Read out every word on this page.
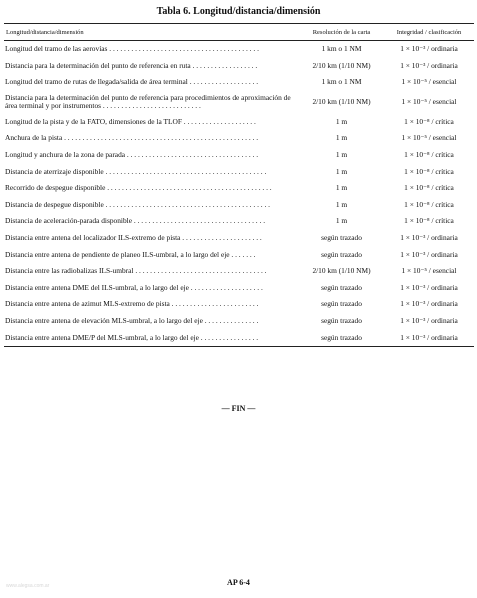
Tabla 6. Longitud/distancia/dimensión
Longitud/distancia/dimensión	Resolución de la carta	Integridad / clasificación
Longitud del tramo de las aerovías . . . . . . . . . . . . . . . . . . . . . . . . . . . . . . . . . . . . . . . . .	1 km o 1 NM	1 × 10⁻³ / ordinaria
Distancia para la determinación del punto de referencia en ruta . . . . . . . . . . . . . . . . . .	2/10 km (1/10 NM)	1 × 10⁻³ / ordinaria
Longitud del tramo de rutas de llegada/salida de área terminal . . . . . . . . . . . . . . . . . . .	1 km o 1 NM	1 × 10⁻⁵ / esencial
Distancia para la determinación del punto de referencia para procedimientos de aproximación de área terminal y por instrumentos . . . . . . . . . . . . . . . . . . . . . . . . . . .	2/10 km (1/10 NM)	1 × 10⁻⁵ / esencial
Longitud de la pista y de la FATO, dimensiones de la TLOF . . . . . . . . . . . . . . . . . . . .	1 m	1 × 10⁻⁸ / crítica
Anchura de la pista . . . . . . . . . . . . . . . . . . . . . . . . . . . . . . . . . . . . . . . . . . . . . . . . . . . . .	1 m	1 × 10⁻⁵ / esencial
Longitud y anchura de la zona de parada . . . . . . . . . . . . . . . . . . . . . . . . . . . . . . . . . . . .	1 m	1 × 10⁻⁸ / crítica
Distancia de aterrizaje disponible . . . . . . . . . . . . . . . . . . . . . . . . . . . . . . . . . . . . . . . . . . . .	1 m	1 × 10⁻⁸ / crítica
Recorrido de despegue disponible . . . . . . . . . . . . . . . . . . . . . . . . . . . . . . . . . . . . . . . . . . . . .	1 m	1 × 10⁻⁸ / crítica
Distancia de despegue disponible . . . . . . . . . . . . . . . . . . . . . . . . . . . . . . . . . . . . . . . . . . . . .	1 m	1 × 10⁻⁸ / crítica
Distancia de aceleración-parada disponible . . . . . . . . . . . . . . . . . . . . . . . . . . . . . . . . . . . .	1 m	1 × 10⁻⁸ / crítica
Distancia entre antena del localizador ILS-extremo de pista . . . . . . . . . . . . . . . . . . . . . .	según trazado	1 × 10⁻³ / ordinaria
Distancia entre antena de pendiente de planeo ILS-umbral, a lo largo del eje . . . . . . .	según trazado	1 × 10⁻³ / ordinaria
Distancia entre las radiobalizas ILS-umbral . . . . . . . . . . . . . . . . . . . . . . . . . . . . . . . . . . . .	2/10 km (1/10 NM)	1 × 10⁻⁵ / esencial
Distancia entre antena DME del ILS-umbral, a lo largo del eje . . . . . . . . . . . . . . . . . . . .	según trazado	1 × 10⁻³ / ordinaria
Distancia entre antena de azimut MLS-extremo de pista . . . . . . . . . . . . . . . . . . . . . . . .	según trazado	1 × 10⁻³ / ordinaria
Distancia entre antena de elevación MLS-umbral, a lo largo del eje . . . . . . . . . . . . . . .	según trazado	1 × 10⁻³ / ordinaria
Distancia entre antena DME/P del MLS-umbral, a lo largo del eje . . . . . . . . . . . . . . . .	según trazado	1 × 10⁻³ / ordinaria
— FIN —
AP 6-4
www.alegsa.com.ar
